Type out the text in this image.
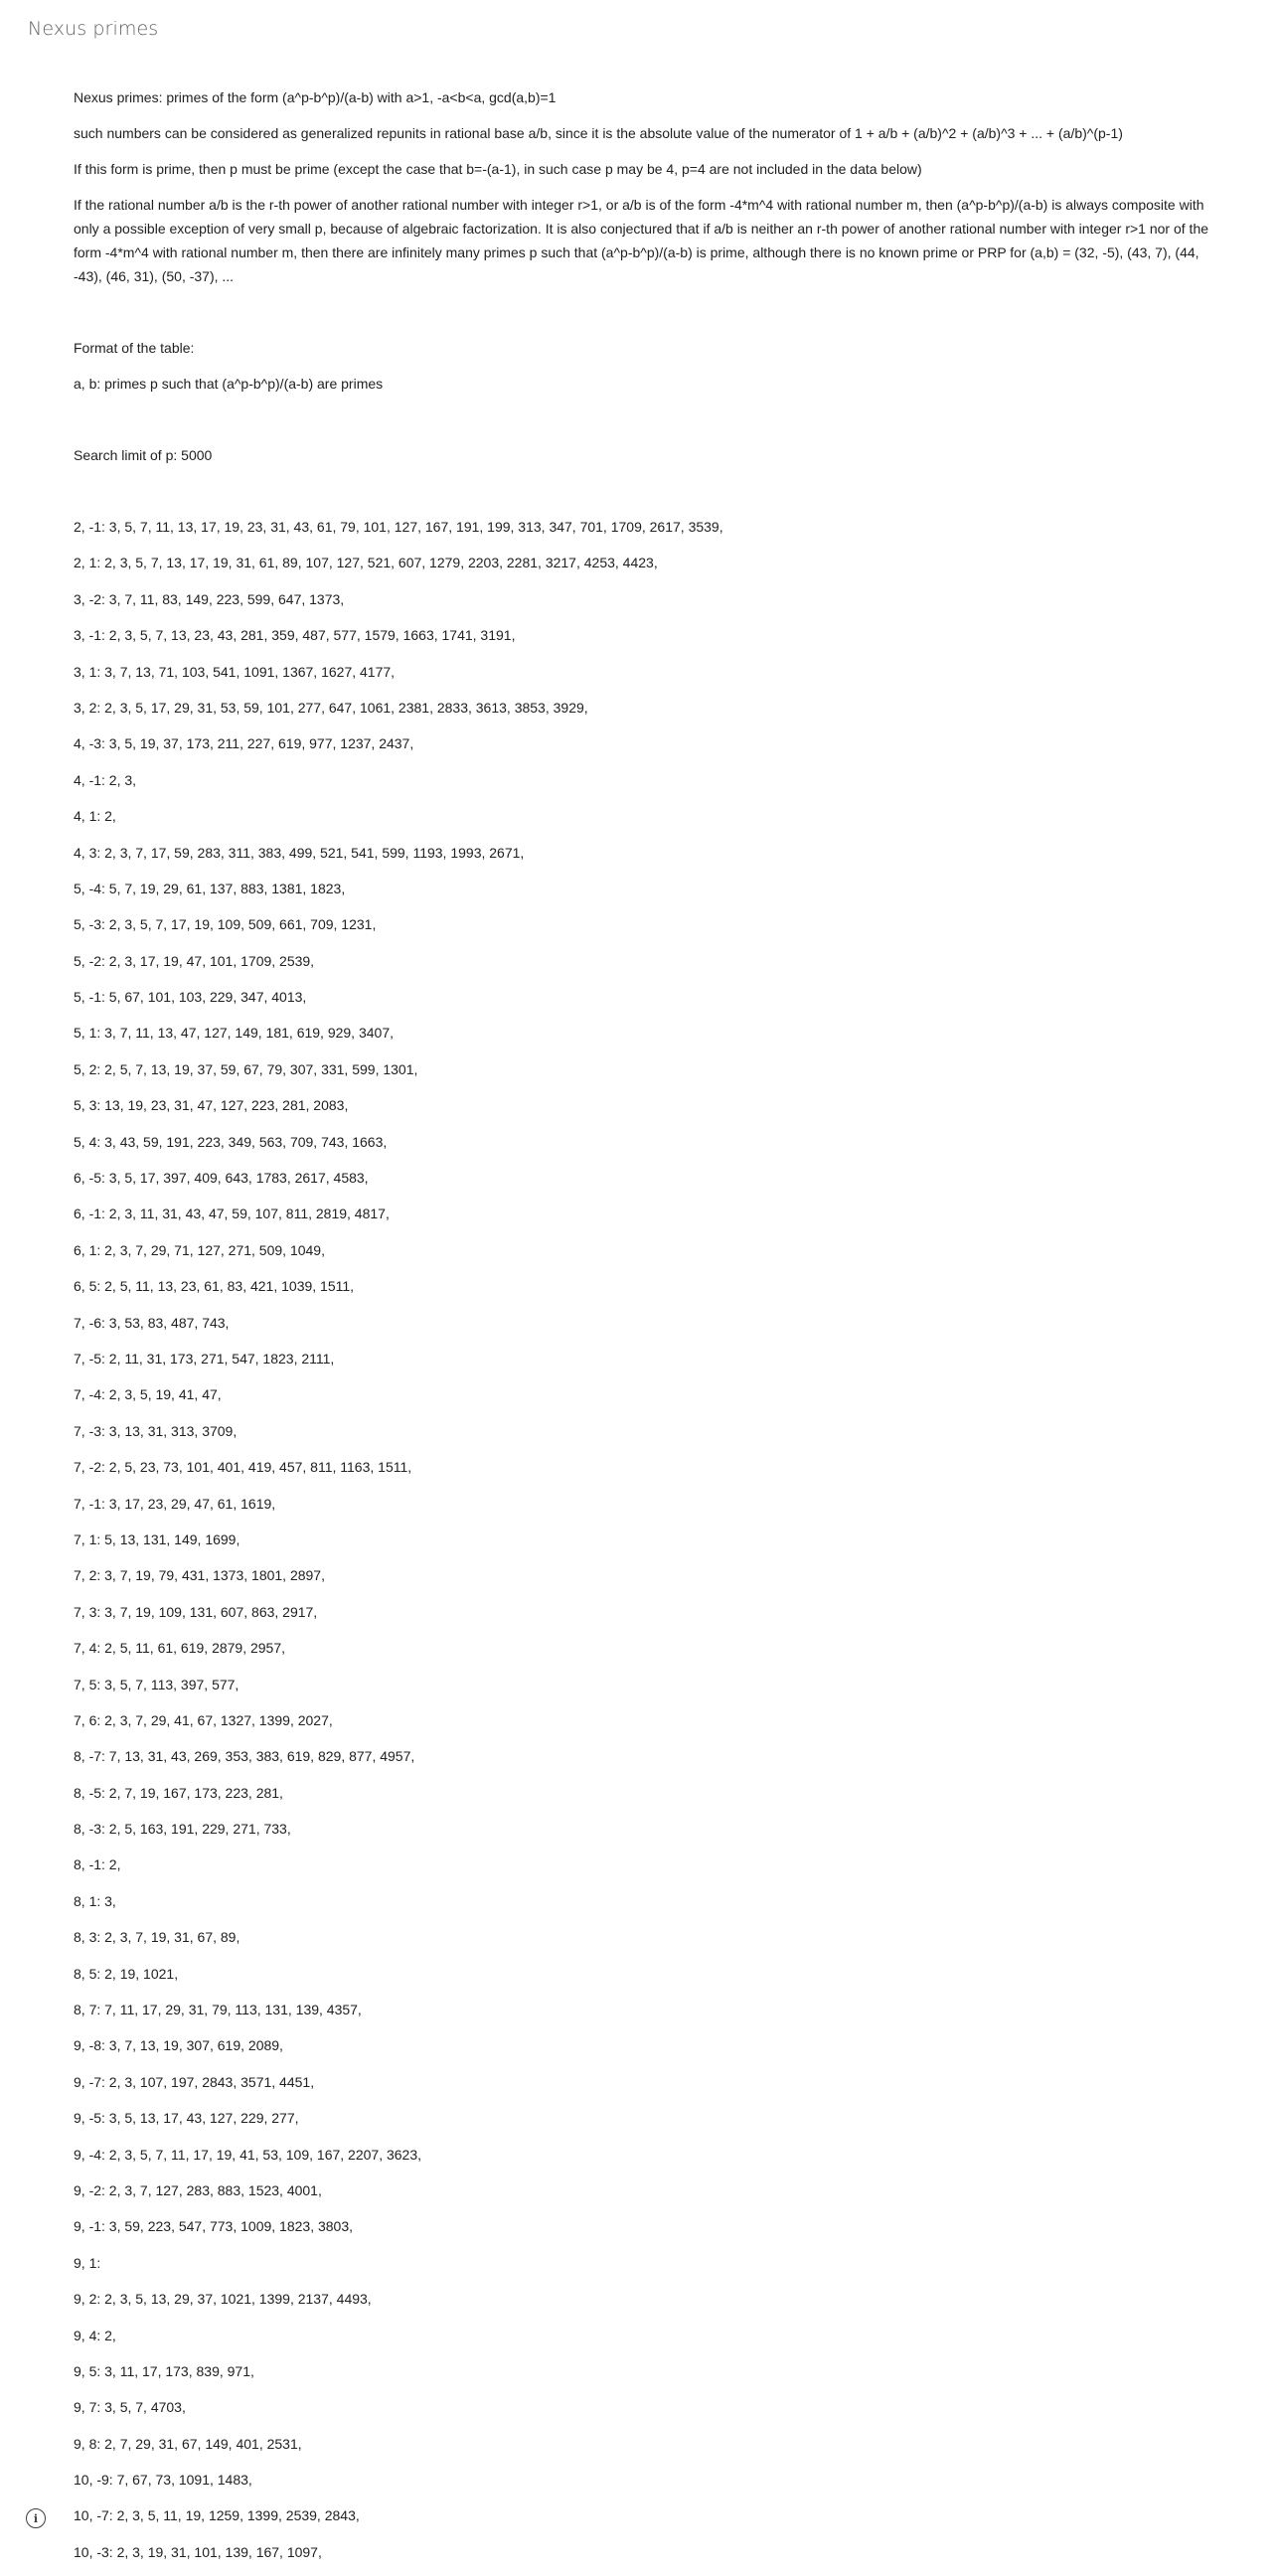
Nexus primes

Nexus primes: primes of the form (a^p-b^p)/(a-b) with a>1, -a<b<a, gcd(a,b)=1

such numbers can be considered as generalized repunits in rational base a/b, since it is the absolute value of the numerator of 1 + a/b + (a/b)^2 + (a/b)^3 + ... + (a/b)^(p-1)

If this form is prime, then p must be prime (except the case that b=-(a-1), in such case p may be 4, p=4 are not included in the data below)

If the rational number a/b is the r-th power of another rational number with integer r>1, or a/b is of the form -4*m^4 with rational number m, then (a^p-b^p)/(a-b) is always composite with only a possible exception of very small p, because of algebraic factorization. It is also conjectured that if a/b is neither an r-th power of another rational number with integer r>1 nor of the form -4*m^4 with rational number m, then there are infinitely many primes p such that (a^p-b^p)/(a-b) is prime, although there is no known prime or PRP for (a,b) = (32, -5), (43, 7), (44, -43), (46, 31), (50, -37), ...

Format of the table:

a, b: primes p such that (a^p-b^p)/(a-b) are primes

Search limit of p: 5000

2, -1: 3, 5, 7, 11, 13, 17, 19, 23, 31, 43, 61, 79, 101, 127, 167, 191, 199, 313, 347, 701, 1709, 2617, 3539,
2, 1: 2, 3, 5, 7, 13, 17, 19, 31, 61, 89, 107, 127, 521, 607, 1279, 2203, 2281, 3217, 4253, 4423,
3, -2: 3, 7, 11, 83, 149, 223, 599, 647, 1373,
3, -1: 2, 3, 5, 7, 13, 23, 43, 281, 359, 487, 577, 1579, 1663, 1741, 3191,
3, 1: 3, 7, 13, 71, 103, 541, 1091, 1367, 1627, 4177,
3, 2: 2, 3, 5, 17, 29, 31, 53, 59, 101, 277, 647, 1061, 2381, 2833, 3613, 3853, 3929,
4, -3: 3, 5, 19, 37, 173, 211, 227, 619, 977, 1237, 2437,
4, -1: 2, 3,
4, 1: 2,
4, 3: 2, 3, 7, 17, 59, 283, 311, 383, 499, 521, 541, 599, 1193, 1993, 2671,
5, -4: 5, 7, 19, 29, 61, 137, 883, 1381, 1823,
5, -3: 2, 3, 5, 7, 17, 19, 109, 509, 661, 709, 1231,
5, -2: 2, 3, 17, 19, 47, 101, 1709, 2539,
5, -1: 5, 67, 101, 103, 229, 347, 4013,
5, 1: 3, 7, 11, 13, 47, 127, 149, 181, 619, 929, 3407,
5, 2: 2, 5, 7, 13, 19, 37, 59, 67, 79, 307, 331, 599, 1301,
5, 3: 13, 19, 23, 31, 47, 127, 223, 281, 2083,
5, 4: 3, 43, 59, 191, 223, 349, 563, 709, 743, 1663,
6, -5: 3, 5, 17, 397, 409, 643, 1783, 2617, 4583,
6, -1: 2, 3, 11, 31, 43, 47, 59, 107, 811, 2819, 4817,
6, 1: 2, 3, 7, 29, 71, 127, 271, 509, 1049,
6, 5: 2, 5, 11, 13, 23, 61, 83, 421, 1039, 1511,
7, -6: 3, 53, 83, 487, 743,
7, -5: 2, 11, 31, 173, 271, 547, 1823, 2111,
7, -4: 2, 3, 5, 19, 41, 47,
7, -3: 3, 13, 31, 313, 3709,
7, -2: 2, 5, 23, 73, 101, 401, 419, 457, 811, 1163, 1511,
7, -1: 3, 17, 23, 29, 47, 61, 1619,
7, 1: 5, 13, 131, 149, 1699,
7, 2: 3, 7, 19, 79, 431, 1373, 1801, 2897,
7, 3: 3, 7, 19, 109, 131, 607, 863, 2917,
7, 4: 2, 5, 11, 61, 619, 2879, 2957,
7, 5: 3, 5, 7, 113, 397, 577,
7, 6: 2, 3, 7, 29, 41, 67, 1327, 1399, 2027,
8, -7: 7, 13, 31, 43, 269, 353, 383, 619, 829, 877, 4957,
8, -5: 2, 7, 19, 167, 173, 223, 281,
8, -3: 2, 5, 163, 191, 229, 271, 733,
8, -1: 2,
8, 1: 3,
8, 3: 2, 3, 7, 19, 31, 67, 89,
8, 5: 2, 19, 1021,
8, 7: 7, 11, 17, 29, 31, 79, 113, 131, 139, 4357,
9, -8: 3, 7, 13, 19, 307, 619, 2089,
9, -7: 2, 3, 107, 197, 2843, 3571, 4451,
9, -5: 3, 5, 13, 17, 43, 127, 229, 277,
9, -4: 2, 3, 5, 7, 11, 17, 19, 41, 53, 109, 167, 2207, 3623,
9, -2: 2, 3, 7, 127, 283, 883, 1523, 4001,
9, -1: 3, 59, 223, 547, 773, 1009, 1823, 3803,
9, 1:
9, 2: 2, 3, 5, 13, 29, 37, 1021, 1399, 2137, 4493,
9, 4: 2,
9, 5: 3, 11, 17, 173, 839, 971,
9, 7: 3, 5, 7, 4703,
9, 8: 2, 7, 29, 31, 67, 149, 401, 2531,
10, -9: 7, 67, 73, 1091, 1483,
10, -7: 2, 3, 5, 11, 19, 1259, 1399, 2539, 2843,
10, -3: 2, 3, 19, 31, 101, 139, 167, 1097,
i
